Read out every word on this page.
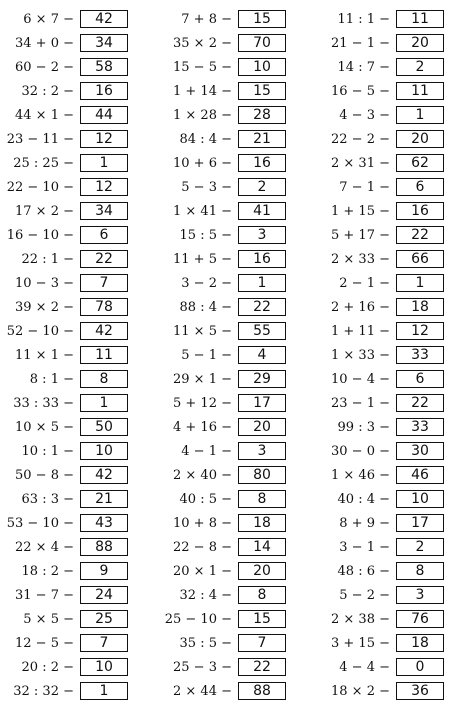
6 × 7 −	42
34 + 0 −	34
60 − 2 −	58
32 : 2 −	16
44 × 1 −	44
23 − 11 −	12
25 : 25 −	1
22 − 10 −	12
17 × 2 −	34
16 − 10 −	6
22 : 1 −	22
10 − 3 −	7
39 × 2 −	78
52 − 10 −	42
11 × 1 −	11
8 : 1 −	8
33 : 33 −	1
10 × 5 −	50
10 : 1 −	10
50 − 8 −	42
63 : 3 −	21
53 − 10 −	43
22 × 4 −	88
18 : 2 −	9
31 − 7 −	24
5 × 5 −	25
12 − 5 −	7
20 : 2 −	10
32 : 32 −	1
7 + 8 −	15
35 × 2 −	70
15 − 5 −	10
1 + 14 −	15
1 × 28 −	28
84 : 4 −	21
10 + 6 −	16
5 − 3 −	2
1 × 41 −	41
15 : 5 −	3
11 + 5 −	16
3 − 2 −	1
88 : 4 −	22
11 × 5 −	55
5 − 1 −	4
29 × 1 −	29
5 + 12 −	17
4 + 16 −	20
4 − 1 −	3
2 × 40 −	80
40 : 5 −	8
10 + 8 −	18
22 − 8 −	14
20 × 1 −	20
32 : 4 −	8
25 − 10 −	15
35 : 5 −	7
25 − 3 −	22
2 × 44 −	88
11 : 1 −	11
21 − 1 −	20
14 : 7 −	2
16 − 5 −	11
4 − 3 −	1
22 − 2 −	20
2 × 31 −	62
7 − 1 −	6
1 + 15 −	16
5 + 17 −	22
2 × 33 −	66
2 − 1 −	1
2 + 16 −	18
1 + 11 −	12
1 × 33 −	33
10 − 4 −	6
23 − 1 −	22
99 : 3 −	33
30 − 0 −	30
1 × 46 −	46
40 : 4 −	10
8 + 9 −	17
3 − 1 −	2
48 : 6 −	8
5 − 2 −	3
2 × 38 −	76
3 + 15 −	18
4 − 4 −	0
18 × 2 −	36
